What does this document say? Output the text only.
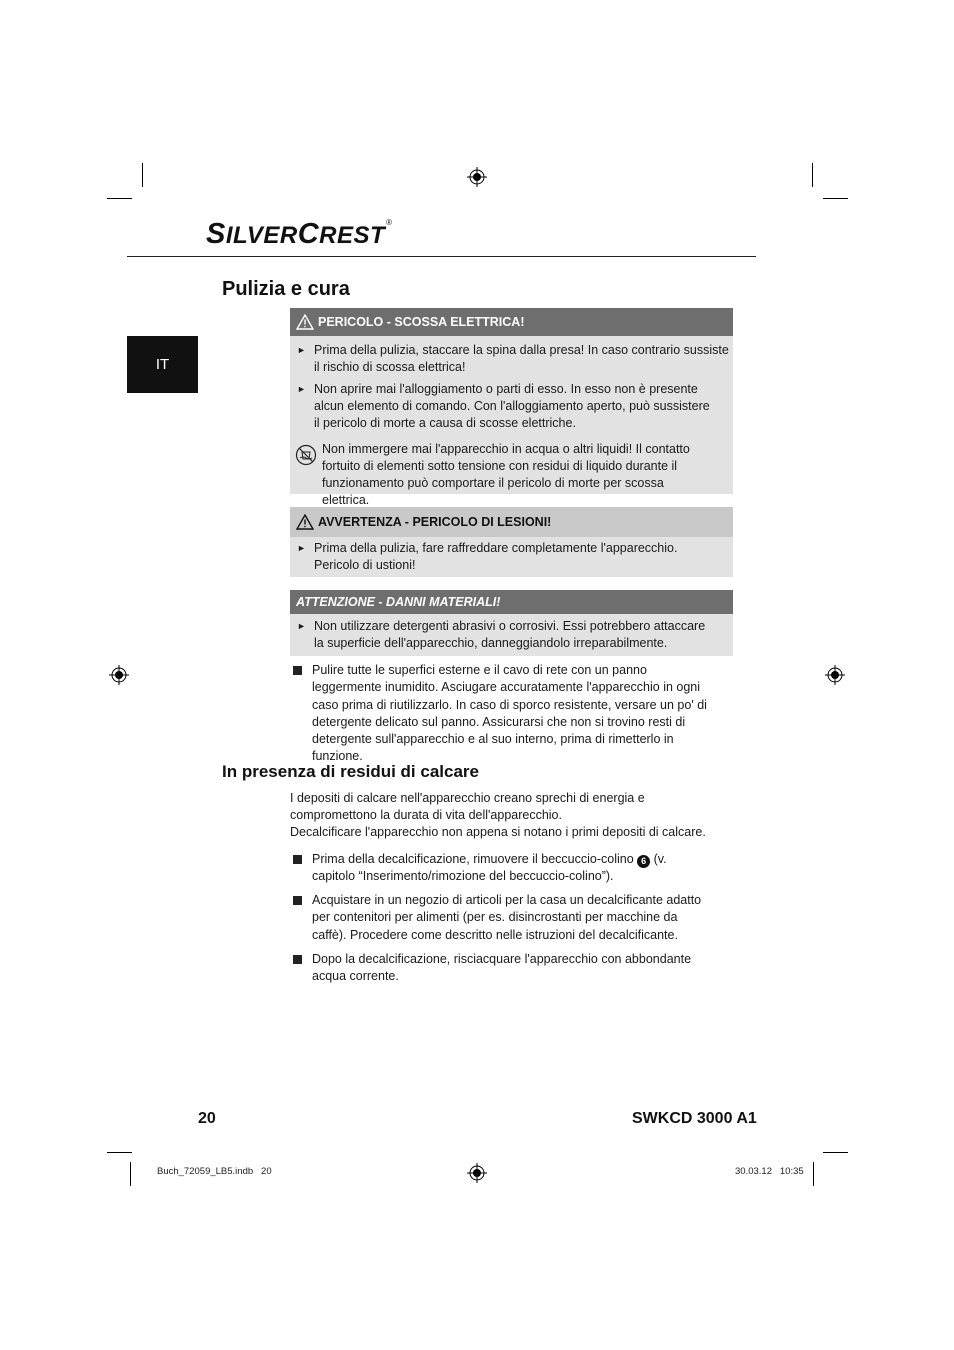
SILVERCREST®
IT
Pulizia e cura
PERICOLO - SCOSSA ELETTRICA!
► Prima della pulizia, staccare la spina dalla presa! In caso contrario sussiste il rischio di scossa elettrica!
► Non aprire mai l'alloggiamento o parti di esso. In esso non è presente alcun elemento di comando. Con l'alloggiamento aperto, può sussistere il pericolo di morte a causa di scosse elettriche.
Non immergere mai l'apparecchio in acqua o altri liquidi! Il contatto fortuito di elementi sotto tensione con residui di liquido durante il funzionamento può comportare il pericolo di morte per scossa elettrica.
AVVERTENZA - PERICOLO DI LESIONI!
► Prima della pulizia, fare raffreddare completamente l'apparecchio. Pericolo di ustioni!
ATTENZIONE - DANNI MATERIALI!
► Non utilizzare detergenti abrasivi o corrosivi. Essi potrebbero attaccare la superficie dell'apparecchio, danneggiandolo irreparabilmente.
Pulire tutte le superfici esterne e il cavo di rete con un panno leggermente inumidito. Asciugare accuratamente l'apparecchio in ogni caso prima di riutilizzarlo. In caso di sporco resistente, versare un po' di detergente delicato sul panno. Assicurarsi che non si trovino resti di detergente sull'apparecchio e al suo interno, prima di rimetterlo in funzione.
In presenza di residui di calcare
I depositi di calcare nell'apparecchio creano sprechi di energia e compromettono la durata di vita dell'apparecchio.
Decalcificare l'apparecchio non appena si notano i primi depositi di calcare.
Prima della decalcificazione, rimuovere il beccuccio-colino 6 (v. capitolo “Inserimento/rimozione del beccuccio-colino”).
Acquistare in un negozio di articoli per la casa un decalcificante adatto per contenitori per alimenti (per es. disincrostanti per macchine da caffè). Procedere come descritto nelle istruzioni del decalcificante.
Dopo la decalcificazione, risciacquare l'apparecchio con abbondante acqua corrente.
20	SWKCD 3000 A1
Buch_72059_LB5.indb   20	30.03.12   10:35
